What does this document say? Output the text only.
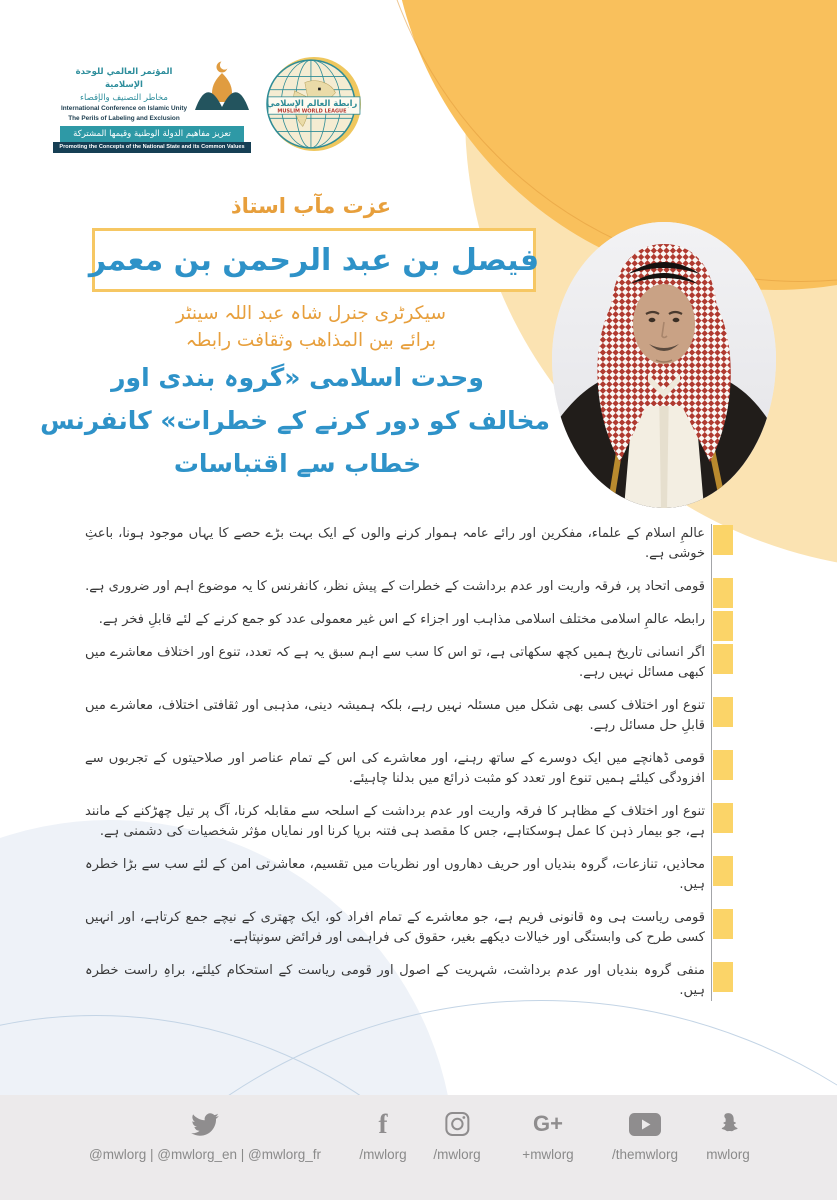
المؤتمر العالمي للوحدة الإسلامية
مخاطر التصنيف والإقصاء
International Conference on Islamic Unity
The Perils of Labeling and Exclusion
تعزيز مفاهيم الدولة الوطنية وقيمها المشتركة
Promoting the Concepts of the National State and its Common Values
رابطة العالم الإسلامي
MUSLIM WORLD LEAGUE
عزت مآب استاذ
فيصل بن عبد الرحمن بن معمر
سیکرٹری جنرل شاہ عبد اللہ سینٹر
برائے بین المذاهب وثقافت رابطہ
وحدت اسلامی «گروہ بندی اور
مخالف کو دور کرنے کے خطرات» کانفرنس
خطاب سے اقتباسات
عالمِ اسلام کے علماء، مفکرین اور رائے عامہ ہموار کرنے والوں کے ایک بہت بڑے حصے کا یہاں موجود ہونا، باعثِ خوشی ہے.
قومی اتحاد پر، فرقہ واریت اور عدم برداشت کے خطرات کے پیش نظر، کانفرنس کا یہ موضوع اہم اور ضروری ہے.
رابطہ عالمِ اسلامی مختلف اسلامی مذاہب اور اجزاء کے اس غیر معمولی عدد کو جمع کرنے کے لئے قابلِ فخر ہے.
اگر انسانی تاریخ ہمیں کچھ سکھاتی ہے، تو اس کا سب سے اہم سبق یہ ہے کہ تعدد، تنوع اور اختلاف معاشرے میں کبھی مسائل نہیں رہے.
تنوع اور اختلاف کسی بھی شکل میں مسئلہ نہیں رہے، بلکہ ہمیشہ دینی، مذہبی اور ثقافتی اختلاف، معاشرے میں قابلِ حل مسائل رہے.
قومی ڈھانچے میں ایک دوسرے کے ساتھ رہنے، اور معاشرے کی اس کے تمام عناصر اور صلاحیتوں کے تجربوں سے افزودگی کیلئے ہمیں تنوع اور تعدد کو مثبت ذرائع میں بدلنا چاہیئے.
تنوع اور اختلاف کے مظاہر کا فرقہ واریت اور عدم برداشت کے اسلحہ سے مقابلہ کرنا، آگ پر تیل چھڑکنے کے مانند ہے، جو بیمار ذہن کا عمل ہوسکتاہے، جس کا مقصد ہی فتنہ برپا کرنا اور نمایاں مؤثر شخصیات کی دشمنی ہے.
محاذیں، تنازعات، گروہ بندیاں اور حریف دھاروں اور نظریات میں تقسیم، معاشرتی امن کے لئے سب سے بڑا خطرہ ہیں.
قومی ریاست ہی وہ قانونی فریم ہے، جو معاشرے کے تمام افراد کو، ایک چھتری کے نیچے جمع کرتاہے، اور انہیں کسی طرح کی وابستگی اور خیالات دیکھے بغیر، حقوق کی فراہمی اور فرائض سونپتاہے.
منفی گروہ بندیاں اور عدم برداشت، شہریت کے اصول اور قومی ریاست کے استحکام کیلئے، براہِ راست خطرہ ہیں.
@mwlorg | @mwlorg_en | @mwlorg_fr
f
/mwlorg /mwlorg
G+
+mwlorg	/themwlorg mwlorg
